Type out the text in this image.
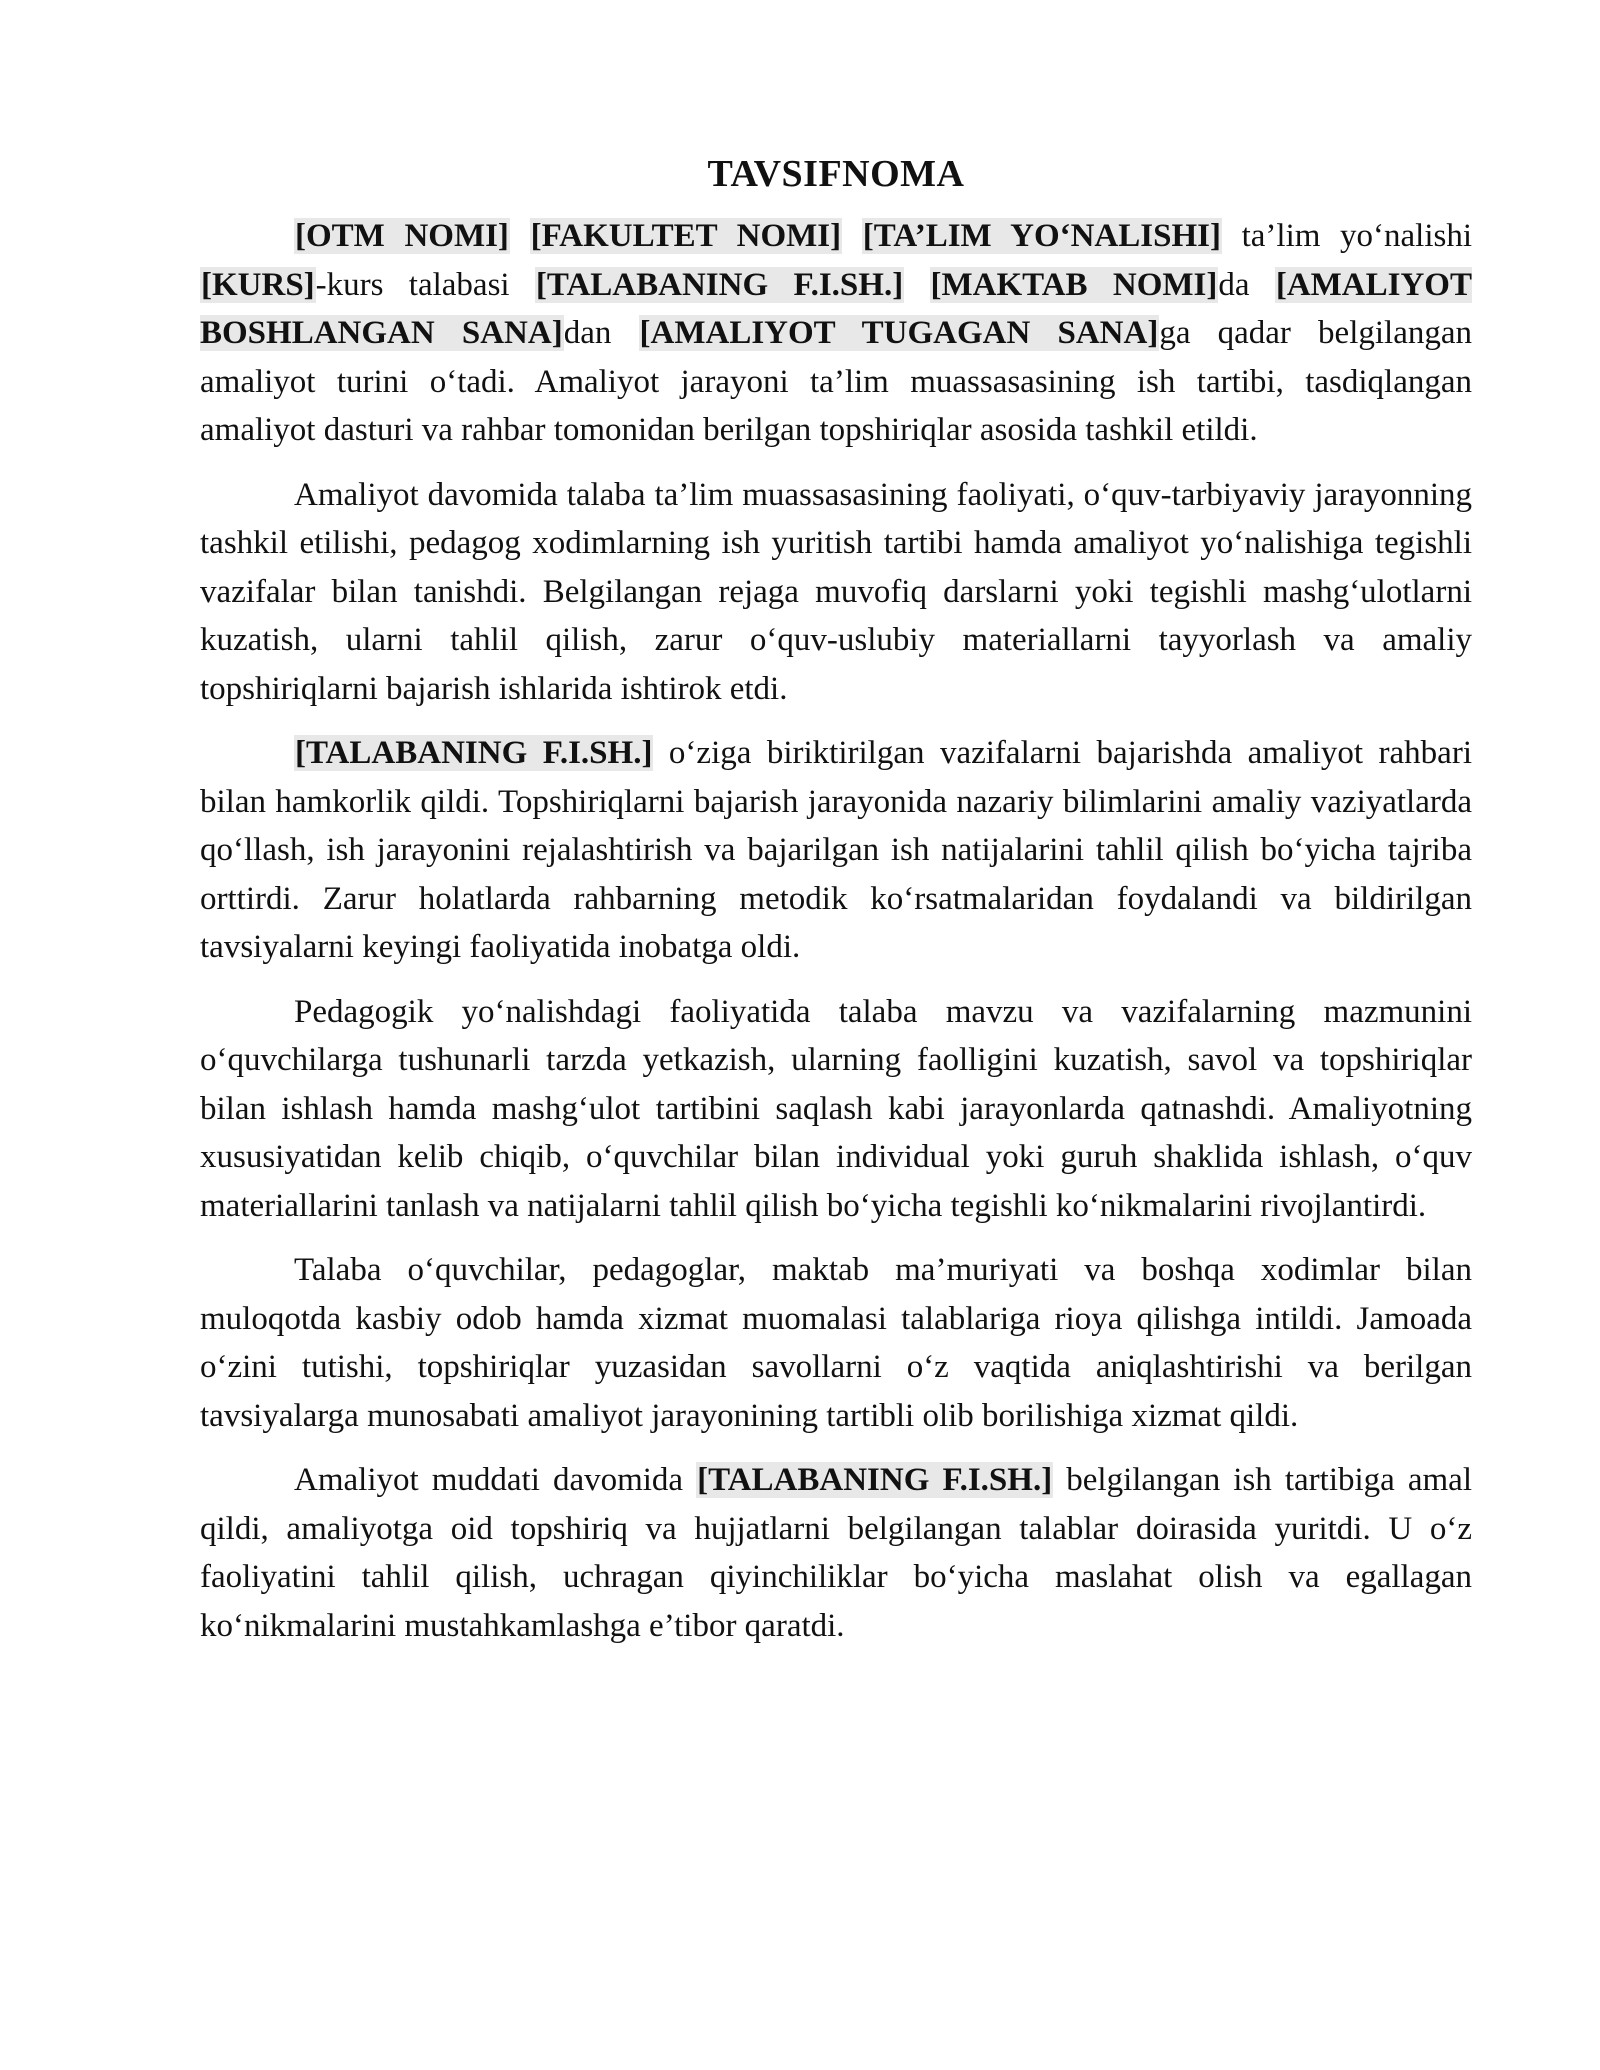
TAVSIFNOMA

[OTM NOMI] [FAKULTET NOMI] [TA’LIM YO‘NALISHI] ta’lim yo‘nalishi [KURS]-kurs talabasi [TALABANING F.I.SH.] [MAKTAB NOMI]da [AMALIYOT BOSHLANGAN SANA]dan [AMALIYOT TUGAGAN SANA]ga qadar belgilangan amaliyot turini o‘tadi. Amaliyot jarayoni ta’lim muassasasining ish tartibi, tasdiqlangan amaliyot dasturi va rahbar tomonidan berilgan topshiriqlar asosida tashkil etildi.

Amaliyot davomida talaba ta’lim muassasasining faoliyati, o‘quv-tarbiyaviy jarayonning tashkil etilishi, pedagog xodimlarning ish yuritish tartibi hamda amaliyot yo‘nalishiga tegishli vazifalar bilan tanishdi. Belgilangan rejaga muvofiq darslarni yoki tegishli mashg‘ulotlarni kuzatish, ularni tahlil qilish, zarur o‘quv-uslubiy materiallarni tayyorlash va amaliy topshiriqlarni bajarish ishlarida ishtirok etdi.

[TALABANING F.I.SH.] o‘ziga biriktirilgan vazifalarni bajarishda amaliyot rahbari bilan hamkorlik qildi. Topshiriqlarni bajarish jarayonida nazariy bilimlarini amaliy vaziyatlarda qo‘llash, ish jarayonini rejalashtirish va bajarilgan ish natijalarini tahlil qilish bo‘yicha tajriba orttirdi. Zarur holatlarda rahbarning metodik ko‘rsatmalaridan foydalandi va bildirilgan tavsiyalarni keyingi faoliyatida inobatga oldi.

Pedagogik yo‘nalishdagi faoliyatida talaba mavzu va vazifalarning mazmunini o‘quvchilarga tushunarli tarzda yetkazish, ularning faolligini kuzatish, savol va topshiriqlar bilan ishlash hamda mashg‘ulot tartibini saqlash kabi jarayonlarda qatnashdi. Amaliyotning xususiyatidan kelib chiqib, o‘quvchilar bilan individual yoki guruh shaklida ishlash, o‘quv materiallarini tanlash va natijalarni tahlil qilish bo‘yicha tegishli ko‘nikmalarini rivojlantirdi.

Talaba o‘quvchilar, pedagoglar, maktab ma’muriyati va boshqa xodimlar bilan muloqotda kasbiy odob hamda xizmat muomalasi talablariga rioya qilishga intildi. Jamoada o‘zini tutishi, topshiriqlar yuzasidan savollarni o‘z vaqtida aniqlashtirishi va berilgan tavsiyalarga munosabati amaliyot jarayonining tartibli olib borilishiga xizmat qildi.

Amaliyot muddati davomida [TALABANING F.I.SH.] belgilangan ish tartibiga amal qildi, amaliyotga oid topshiriq va hujjatlarni belgilangan talablar doirasida yuritdi. U o‘z faoliyatini tahlil qilish, uchragan qiyinchiliklar bo‘yicha maslahat olish va egallagan ko‘nikmalarini mustahkamlashga e’tibor qaratdi.
